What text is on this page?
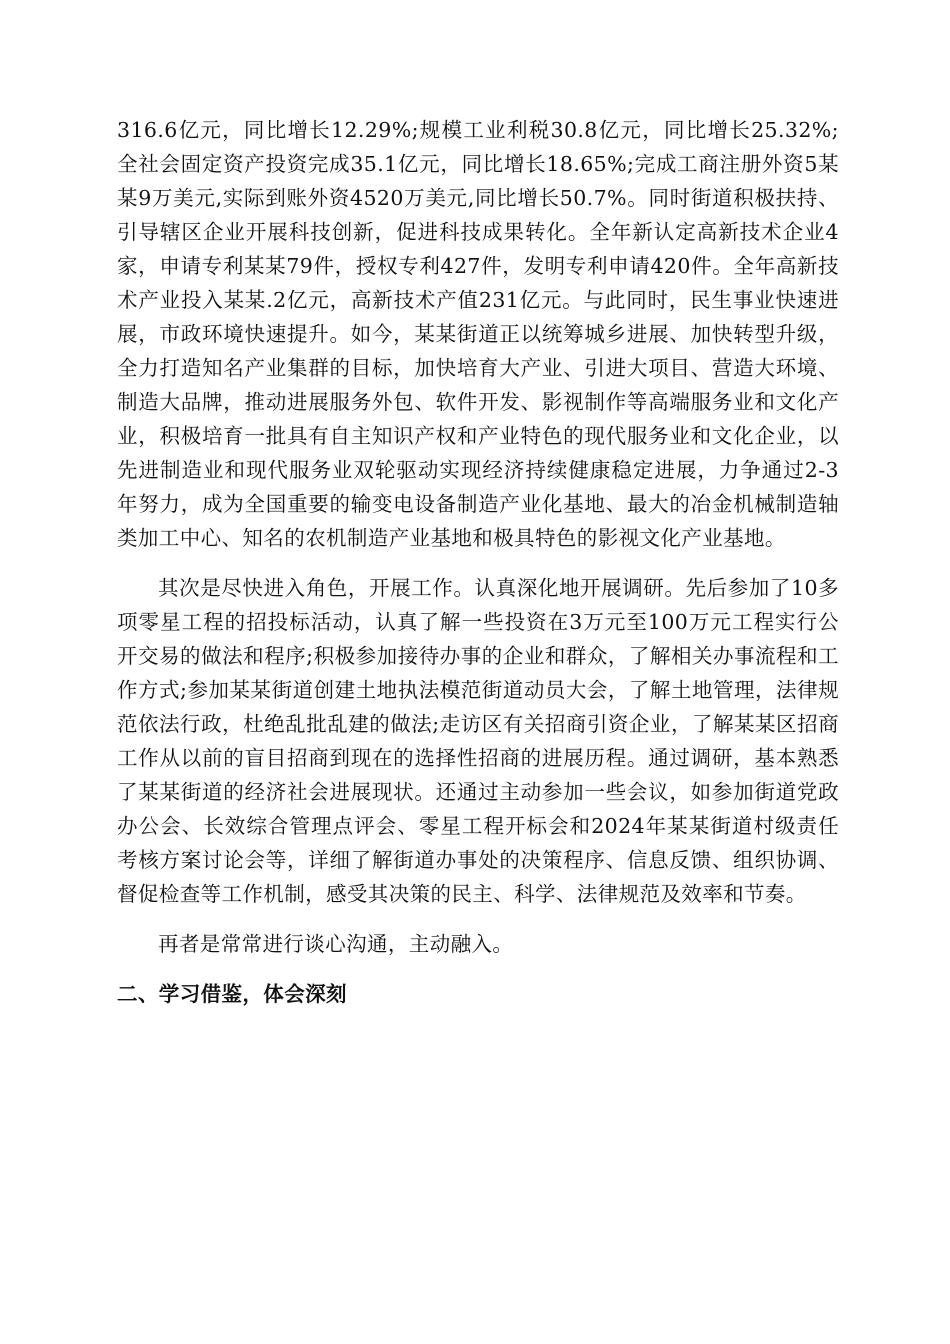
316.6亿元，同比增长12.29%;规模工业利税30.8亿元，同比增长25.32%;全社会固定资产投资完成35.1亿元，同比增长18.65%;完成工商注册外资5某某9万美元,实际到账外资4520万美元,同比增长50.7%。同时街道积极扶持、引导辖区企业开展科技创新，促进科技成果转化。全年新认定高新技术企业4家，申请专利某某79件，授权专利427件，发明专利申请420件。全年高新技术产业投入某某.2亿元，高新技术产值231亿元。与此同时，民生事业快速进展，市政环境快速提升。如今，某某街道正以统筹城乡进展、加快转型升级，全力打造知名产业集群的目标，加快培育大产业、引进大项目、营造大环境、制造大品牌，推动进展服务外包、软件开发、影视制作等高端服务业和文化产业，积极培育一批具有自主知识产权和产业特色的现代服务业和文化企业，以先进制造业和现代服务业双轮驱动实现经济持续健康稳定进展，力争通过2-3年努力，成为全国重要的输变电设备制造产业化基地、最大的冶金机械制造轴类加工中心、知名的农机制造产业基地和极具特色的影视文化产业基地。

其次是尽快进入角色，开展工作。认真深化地开展调研。先后参加了10多项零星工程的招投标活动，认真了解一些投资在3万元至100万元工程实行公开交易的做法和程序;积极参加接待办事的企业和群众，了解相关办事流程和工作方式;参加某某街道创建土地执法模范街道动员大会，了解土地管理，法律规范依法行政，杜绝乱批乱建的做法;走访区有关招商引资企业，了解某某区招商工作从以前的盲目招商到现在的选择性招商的进展历程。通过调研，基本熟悉了某某街道的经济社会进展现状。还通过主动参加一些会议，如参加街道党政办公会、长效综合管理点评会、零星工程开标会和2024年某某街道村级责任考核方案讨论会等，详细了解街道办事处的决策程序、信息反馈、组织协调、督促检查等工作机制，感受其决策的民主、科学、法律规范及效率和节奏。

再者是常常进行谈心沟通，主动融入。

二、学习借鉴，体会深刻
